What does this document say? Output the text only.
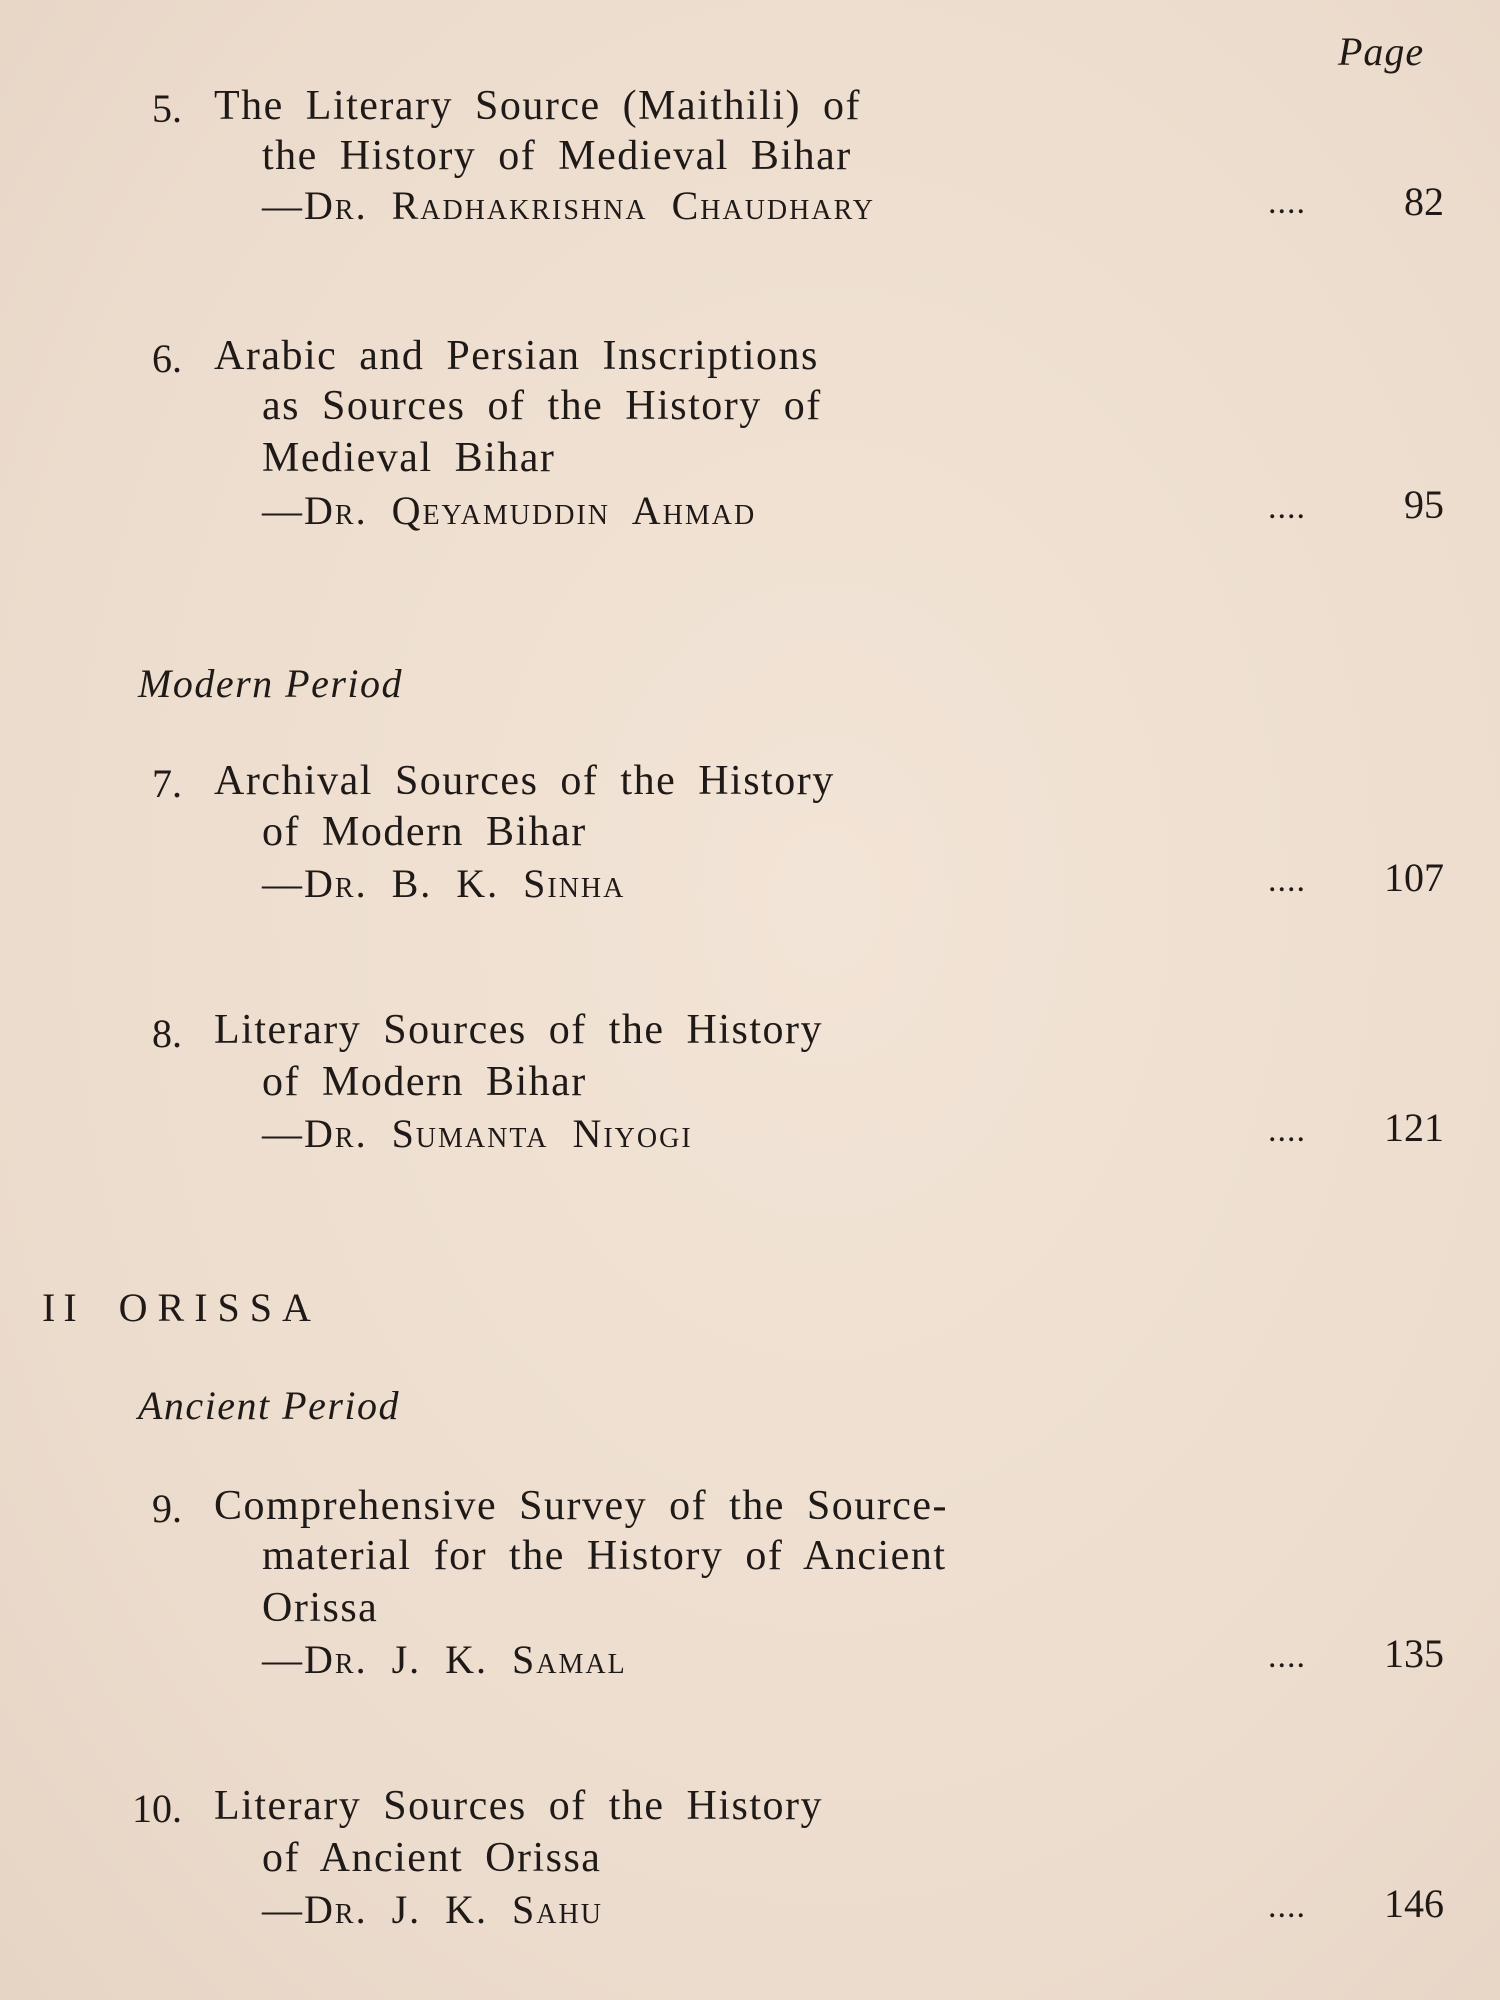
Page
5. The Literary Source (Maithili) of
the History of Medieval Bihar
—Dr. Radhakrishna Chaudhary	.... 82
6. Arabic and Persian Inscriptions
as Sources of the History of
Medieval Bihar
—Dr. Qeyamuddin Ahmad	.... 95
Modern Period
7. Archival Sources of the History
of Modern Bihar
—Dr. B. K. Sinha	.... 107
8. Literary Sources of the History
of Modern Bihar
—Dr. Sumanta Niyogi	.... 121
II ORISSA
Ancient Period
9. Comprehensive Survey of the Source-
material for the History of Ancient
Orissa
—Dr. J. K. Samal	.... 135
10. Literary Sources of the History
of Ancient Orissa
—Dr. J. K. Sahu	.... 146
